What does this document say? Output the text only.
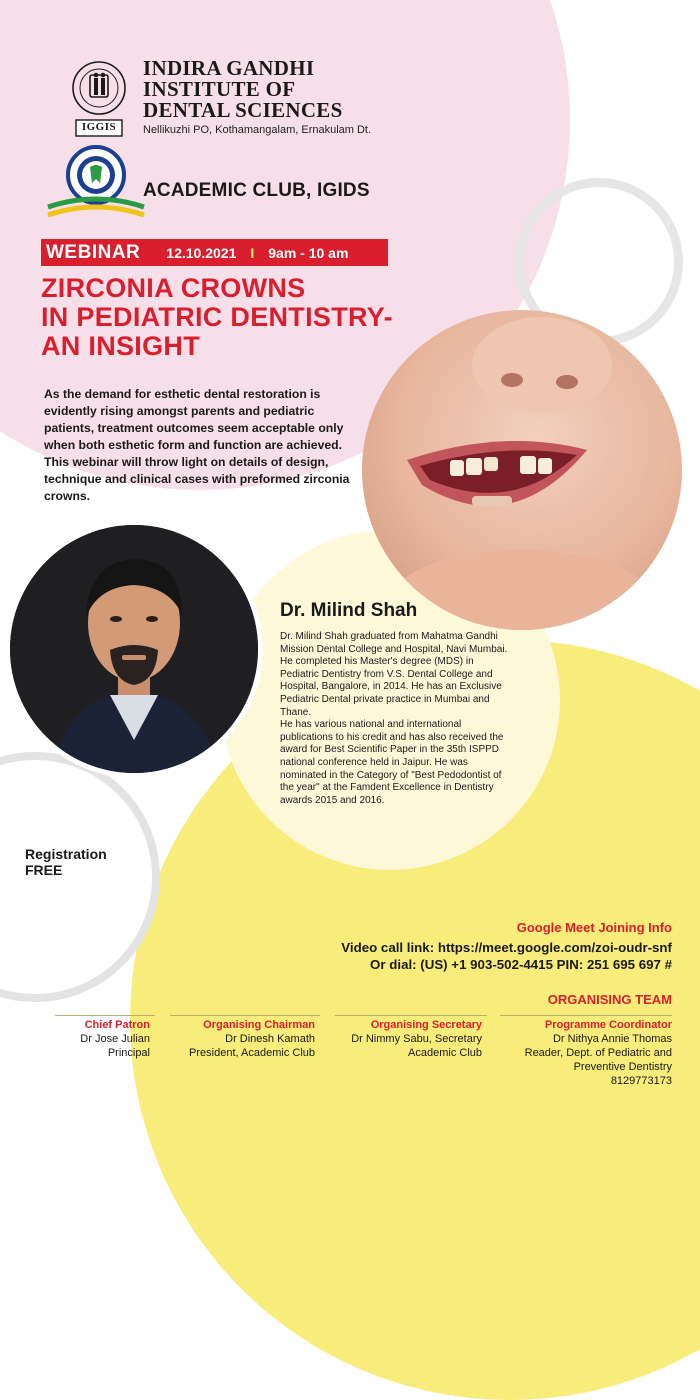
IGGIS
INDIRA GANDHI
INSTITUTE OF
DENTAL SCIENCES
Nellikuzhi PO, Kothamangalam, Ernakulam Dt.
ACADEMIC CLUB, IGIDS
WEBINAR 12.10.2021 I 9am - 10 am
ZIRCONIA CROWNS
IN PEDIATRIC DENTISTRY-
AN INSIGHT
As the demand for esthetic dental restoration is evidently rising amongst parents and pediatric patients, treatment outcomes seem acceptable only when both esthetic form and function are achieved. This webinar will throw light on details of design, technique and clinical cases with preformed zirconia crowns.
Dr. Milind Shah
Dr. Milind Shah graduated from Mahatma Gandhi Mission Dental College and Hospital, Navi Mumbai. He completed his Master's degree (MDS) in Pediatric Dentistry from V.S. Dental College and Hospital, Bangalore, in 2014. He has an Exclusive Pediatric Dental private practice in Mumbai and Thane.
He has various national and international publications to his credit and has also received the award for Best Scientific Paper in the 35th ISPPD national conference held in Jaipur. He was nominated in the Category of "Best Pedodontist of the year" at the Famdent Excellence in Dentistry awards 2015 and 2016.
Registration
FREE
Google Meet Joining Info
Video call link: https://meet.google.com/zoi-oudr-snf
Or dial: (US) +1 903-502-4415 PIN: 251 695 697 #
ORGANISING TEAM
Chief Patron
Dr Jose Julian
Principal
Organising Chairman
Dr Dinesh Kamath
President, Academic Club
Organising Secretary
Dr Nimmy Sabu, Secretary
Academic Club
Programme Coordinator
Dr Nithya Annie Thomas
Reader, Dept. of Pediatric and
Preventive Dentistry
8129773173
